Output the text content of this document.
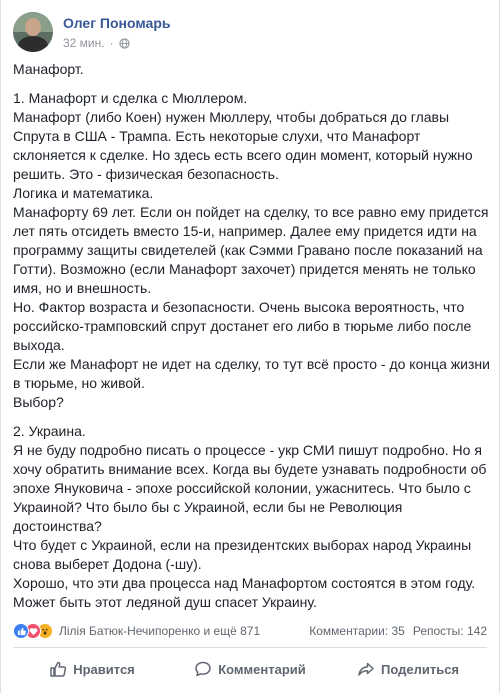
Олег Пономарь
32 мин. ·

Манафорт.

1. Манафорт и сделка с Мюллером.
Манафорт (либо Коен) нужен Мюллеру, чтобы добраться до главы Спрута в США - Трампа. Есть некоторые слухи, что Манафорт склоняется к сделке. Но здесь есть всего один момент, который нужно решить. Это - физическая безопасность.
Логика и математика.
Манафорту 69 лет. Если он пойдет на сделку, то все равно ему придется лет пять отсидеть вместо 15-и, например. Далее ему придется идти на программу защиты свидетелей (как Сэмми Гравано после показаний на Готти). Возможно (если Манафорт захочет) придется менять не только имя, но и внешность.
Но. Фактор возраста и безопасности. Очень высока вероятность, что российско-трамповский спрут достанет его либо в тюрьме либо после выхода.
Если же Манафорт не идет на сделку, то тут всё просто - до конца жизни в тюрьме, но живой.
Выбор?

2. Украина.
Я не буду подробно писать о процессе - укр СМИ пишут подробно. Но я хочу обратить внимание всех. Когда вы будете узнавать подробности об эпохе Януковича - эпохе российской колонии, ужаснитесь. Что было с Украиной? Что было бы с Украиной, если бы не Революция достоинства?
Что будет с Украиной, если на президентских выборах народ Украины снова выберет Додона (-шу).
Хорошо, что эти два процесса над Манафортом состоятся в этом году. Может быть этот ледяной душ спасет Украину.

Лілія Батюк-Нечипоренко и ещё 871	Комментарии: 35 Репосты: 142
Нравится	Комментарий	Поделиться
